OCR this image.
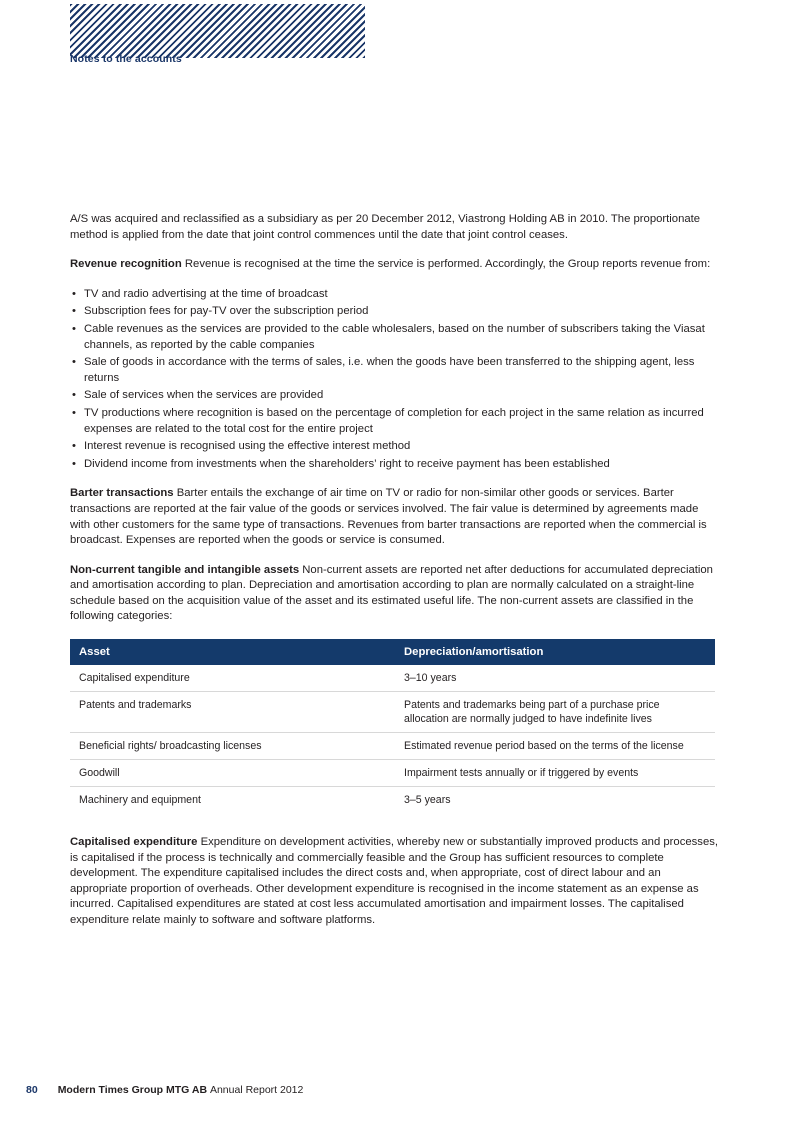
Notes to the accounts

A/S was acquired and reclassified as a subsidiary as per 20 December 2012, Viastrong Holding AB in 2010. The proportionate method is applied from the date that joint control commences until the date that joint control ceases.

Revenue recognition Revenue is recognised at the time the service is performed. Accordingly, the Group reports revenue from:

• TV and radio advertising at the time of broadcast
• Subscription fees for pay-TV over the subscription period
• Cable revenues as the services are provided to the cable wholesalers, based on the number of subscribers taking the Viasat channels, as reported by the cable companies
• Sale of goods in accordance with the terms of sales, i.e. when the goods have been transferred to the shipping agent, less returns
• Sale of services when the services are provided
• TV productions where recognition is based on the percentage of completion for each project in the same relation as incurred expenses are related to the total cost for the entire project
• Interest revenue is recognised using the effective interest method
• Dividend income from investments when the shareholders’ right to receive payment has been established

Barter transactions Barter entails the exchange of air time on TV or radio for non-similar other goods or services. Barter transactions are reported at the fair value of the goods or services involved. The fair value is determined by agreements made with other customers for the same type of transactions. Revenues from barter transactions are reported when the commercial is broadcast. Expenses are reported when the goods or service is consumed.

Non-current tangible and intangible assets Non-current assets are reported net after deductions for accumulated depreciation and amortisation according to plan. Depreciation and amortisation according to plan are normally calculated on a straight-line schedule based on the acquisition value of the asset and its estimated useful life. The non-current assets are classified in the following categories:

Asset	Depreciation/amortisation
Capitalised expenditure	3–10 years
Patents and trademarks	Patents and trademarks being part of a purchase price allocation are normally judged to have indefinite lives
Beneficial rights/ broadcasting licenses	Estimated revenue period based on the terms of the license
Goodwill	Impairment tests annually or if triggered by events
Machinery and equipment	3–5 years

Capitalised expenditure Expenditure on development activities, whereby new or substantially improved products and processes, is capitalised if the process is technically and commercially feasible and the Group has sufficient resources to complete development. The expenditure capitalised includes the direct costs and, when appropriate, cost of direct labour and an appropriate proportion of overheads. Other development expenditure is recognised in the income statement as an expense as incurred. Capitalised expenditures are stated at cost less accumulated amortisation and impairment losses. The capitalised expenditure relate mainly to software and software platforms.

80 Modern Times Group MTG AB Annual Report 2012
